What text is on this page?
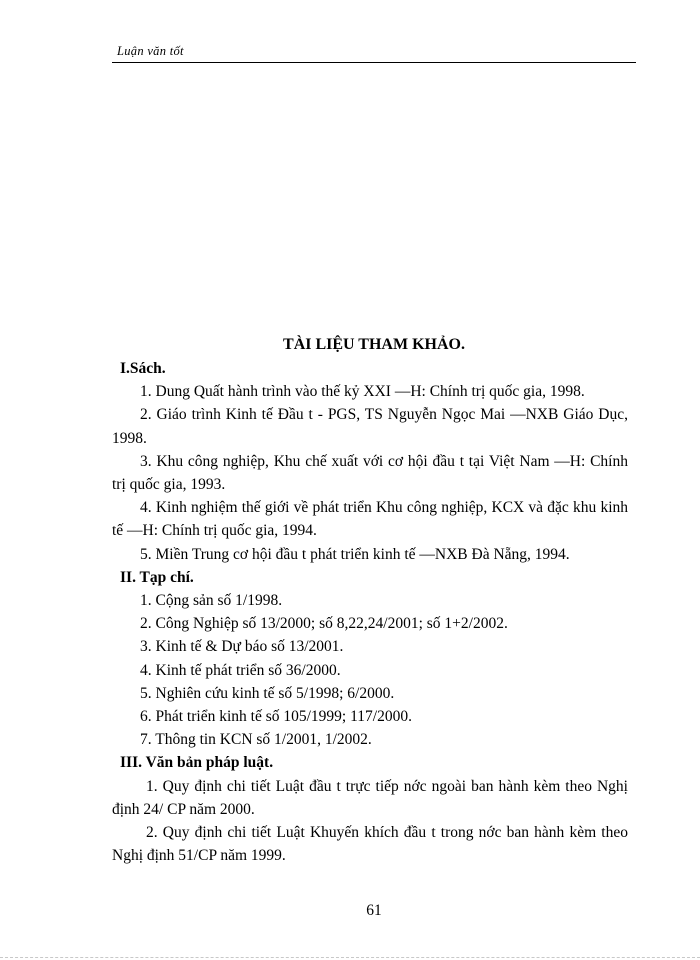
Luận văn tốt
TÀI LIỆU THAM KHẢO.
I.Sách.
1. Dung Quất hành trình vào thế kỷ XXI —H: Chính trị quốc gia, 1998.
2. Giáo trình Kinh tế Đầu t - PGS, TS Nguyễn Ngọc Mai —NXB Giáo Dục, 1998.
3. Khu công nghiệp, Khu chế xuất với cơ hội đầu t tại Việt Nam —H: Chính trị quốc gia, 1993.
4. Kinh nghiệm thế giới về phát triển Khu công nghiệp, KCX và đặc khu kinh tế —H: Chính trị quốc gia, 1994.
5. Miền Trung cơ hội đầu t phát triển kinh tế —NXB Đà Nẵng, 1994.
II. Tạp chí.
1. Cộng sản số 1/1998.
2. Công Nghiệp số 13/2000; số 8,22,24/2001; số 1+2/2002.
3. Kinh tế & Dự báo số 13/2001.
4. Kinh tế phát triển số 36/2000.
5. Nghiên cứu kinh tế số 5/1998; 6/2000.
6. Phát triển kinh tế số 105/1999; 117/2000.
7. Thông tin KCN số 1/2001, 1/2002.
III. Văn bản pháp luật.
1. Quy định chi tiết Luật đầu t trực tiếp nớc ngoài ban hành kèm theo Nghị định 24/ CP năm 2000.
2. Quy định chi tiết Luật Khuyến khích đầu t trong nớc ban hành kèm theo Nghị định 51/CP năm 1999.
61
